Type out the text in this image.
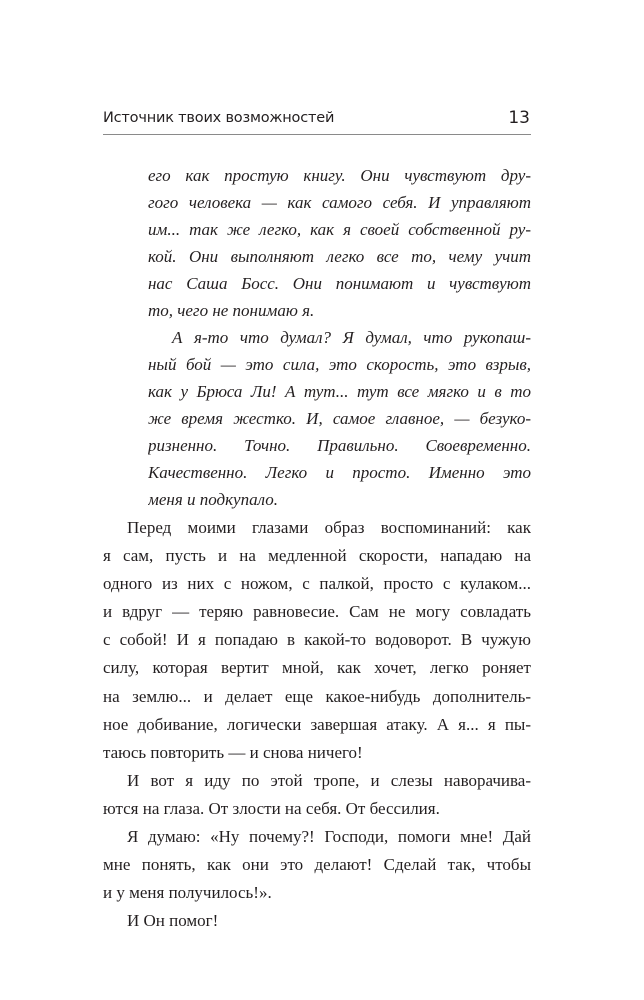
Источник твоих возможностей	13
его как простую книгу. Они чувствуют дру-
гого человека — как самого себя. И управляют
им... так же легко, как я своей собственной ру-
кой. Они выполняют легко все то, чему учит
нас Саша Босс. Они понимают и чувствуют
то, чего не понимаю я.
А я-то что думал? Я думал, что рукопаш-
ный бой — это сила, это скорость, это взрыв,
как у Брюса Ли! А тут... тут все мягко и в то
же время жестко. И, самое главное, — безуко-
ризненно. Точно. Правильно. Своевременно.
Качественно. Легко и просто. Именно это
меня и подкупало.
Перед моими глазами образ воспоминаний: как
я сам, пусть и на медленной скорости, нападаю на
одного из них с ножом, с палкой, просто с кулаком...
и вдруг — теряю равновесие. Сам не могу совладать
с собой! И я попадаю в какой-то водоворот. В чужую
силу, которая вертит мной, как хочет, легко роняет
на землю... и делает еще какое-нибудь дополнитель-
ное добивание, логически завершая атаку. А я... я пы-
таюсь повторить — и снова ничего!
И вот я иду по этой тропе, и слезы наворачива-
ются на глаза. От злости на себя. От бессилия.
Я думаю: «Ну почему?! Господи, помоги мне! Дай
мне понять, как они это делают! Сделай так, чтобы
и у меня получилось!».
И Он помог!
